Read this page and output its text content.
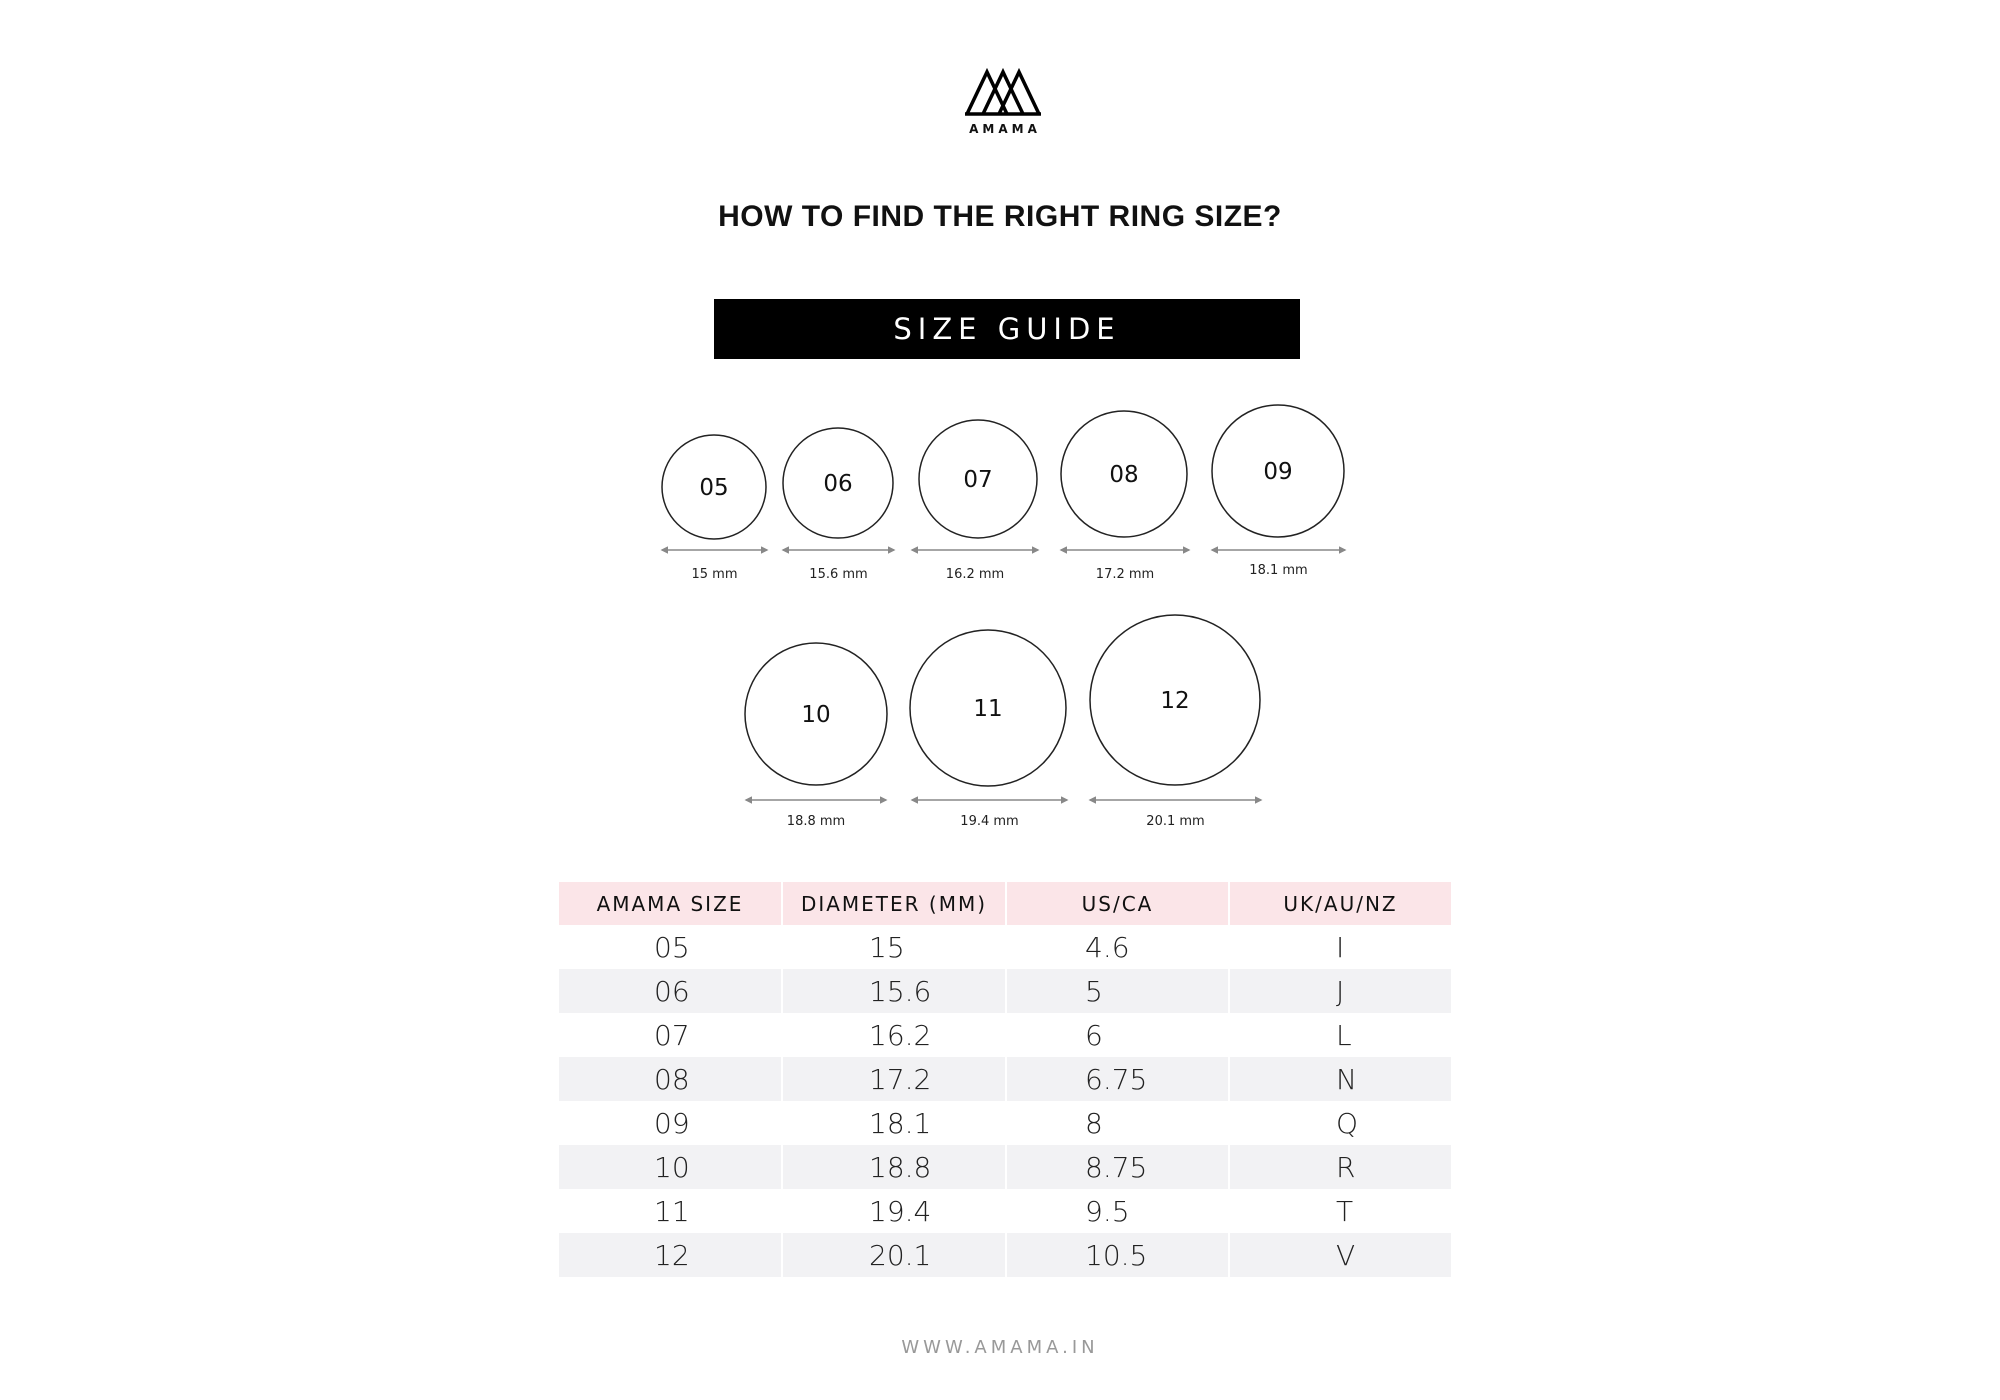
AMAMA
HOW TO FIND THE RIGHT RING SIZE?
SIZE GUIDE
05
15 mm
06
15.6 mm
07
16.2 mm
08
17.2 mm
09
18.1 mm
10
18.8 mm
11
19.4 mm
12
20.1 mm
AMAMA SIZE	DIAMETER (MM)	US/CA	UK/AU/NZ
05	15	4.6	I
06	15.6	5	J
07	16.2	6	L
08	17.2	6.75	N
09	18.1	8	Q
10	18.8	8.75	R
11	19.4	9.5	T
12	20.1	10.5	V
WWW.AMAMA.IN
